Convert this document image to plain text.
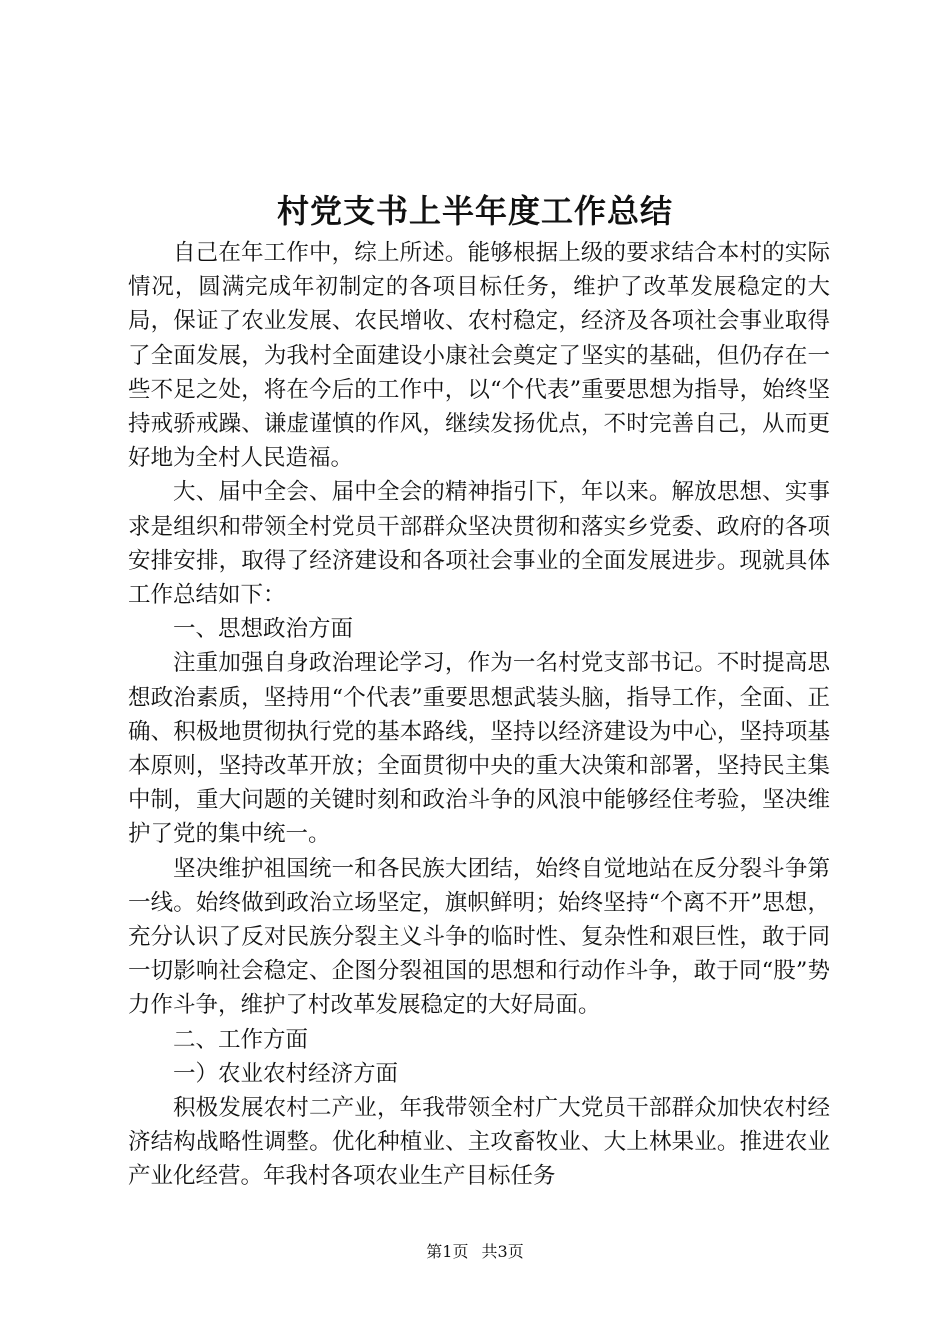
村党支书上半年度工作总结

自己在年工作中，综上所述。能够根据上级的要求结合本村的实际情况，圆满完成年初制定的各项目标任务，维护了改革发展稳定的大局，保证了农业发展、农民增收、农村稳定，经济及各项社会事业取得了全面发展，为我村全面建设小康社会奠定了坚实的基础，但仍存在一些不足之处，将在今后的工作中，以“个代表”重要思想为指导，始终坚持戒骄戒躁、谦虚谨慎的作风，继续发扬优点，不时完善自己，从而更好地为全村人民造福。

大、届中全会、届中全会的精神指引下，年以来。解放思想、实事求是组织和带领全村党员干部群众坚决贯彻和落实乡党委、政府的各项安排安排，取得了经济建设和各项社会事业的全面发展进步。现就具体工作总结如下：

一、思想政治方面

注重加强自身政治理论学习，作为一名村党支部书记。不时提高思想政治素质，坚持用“个代表”重要思想武装头脑，指导工作，全面、正确、积极地贯彻执行党的基本路线，坚持以经济建设为中心，坚持项基本原则，坚持改革开放；全面贯彻中央的重大决策和部署，坚持民主集中制，重大问题的关键时刻和政治斗争的风浪中能够经住考验，坚决维护了党的集中统一。

坚决维护祖国统一和各民族大团结，始终自觉地站在反分裂斗争第一线。始终做到政治立场坚定，旗帜鲜明；始终坚持“个离不开”思想，充分认识了反对民族分裂主义斗争的临时性、复杂性和艰巨性，敢于同一切影响社会稳定、企图分裂祖国的思想和行动作斗争，敢于同“股”势力作斗争，维护了村改革发展稳定的大好局面。

二、工作方面

一）农业农村经济方面

积极发展农村二产业，年我带领全村广大党员干部群众加快农村经济结构战略性调整。优化种植业、主攻畜牧业、大上林果业。推进农业产业化经营。年我村各项农业生产目标任务

第1页 共3页
